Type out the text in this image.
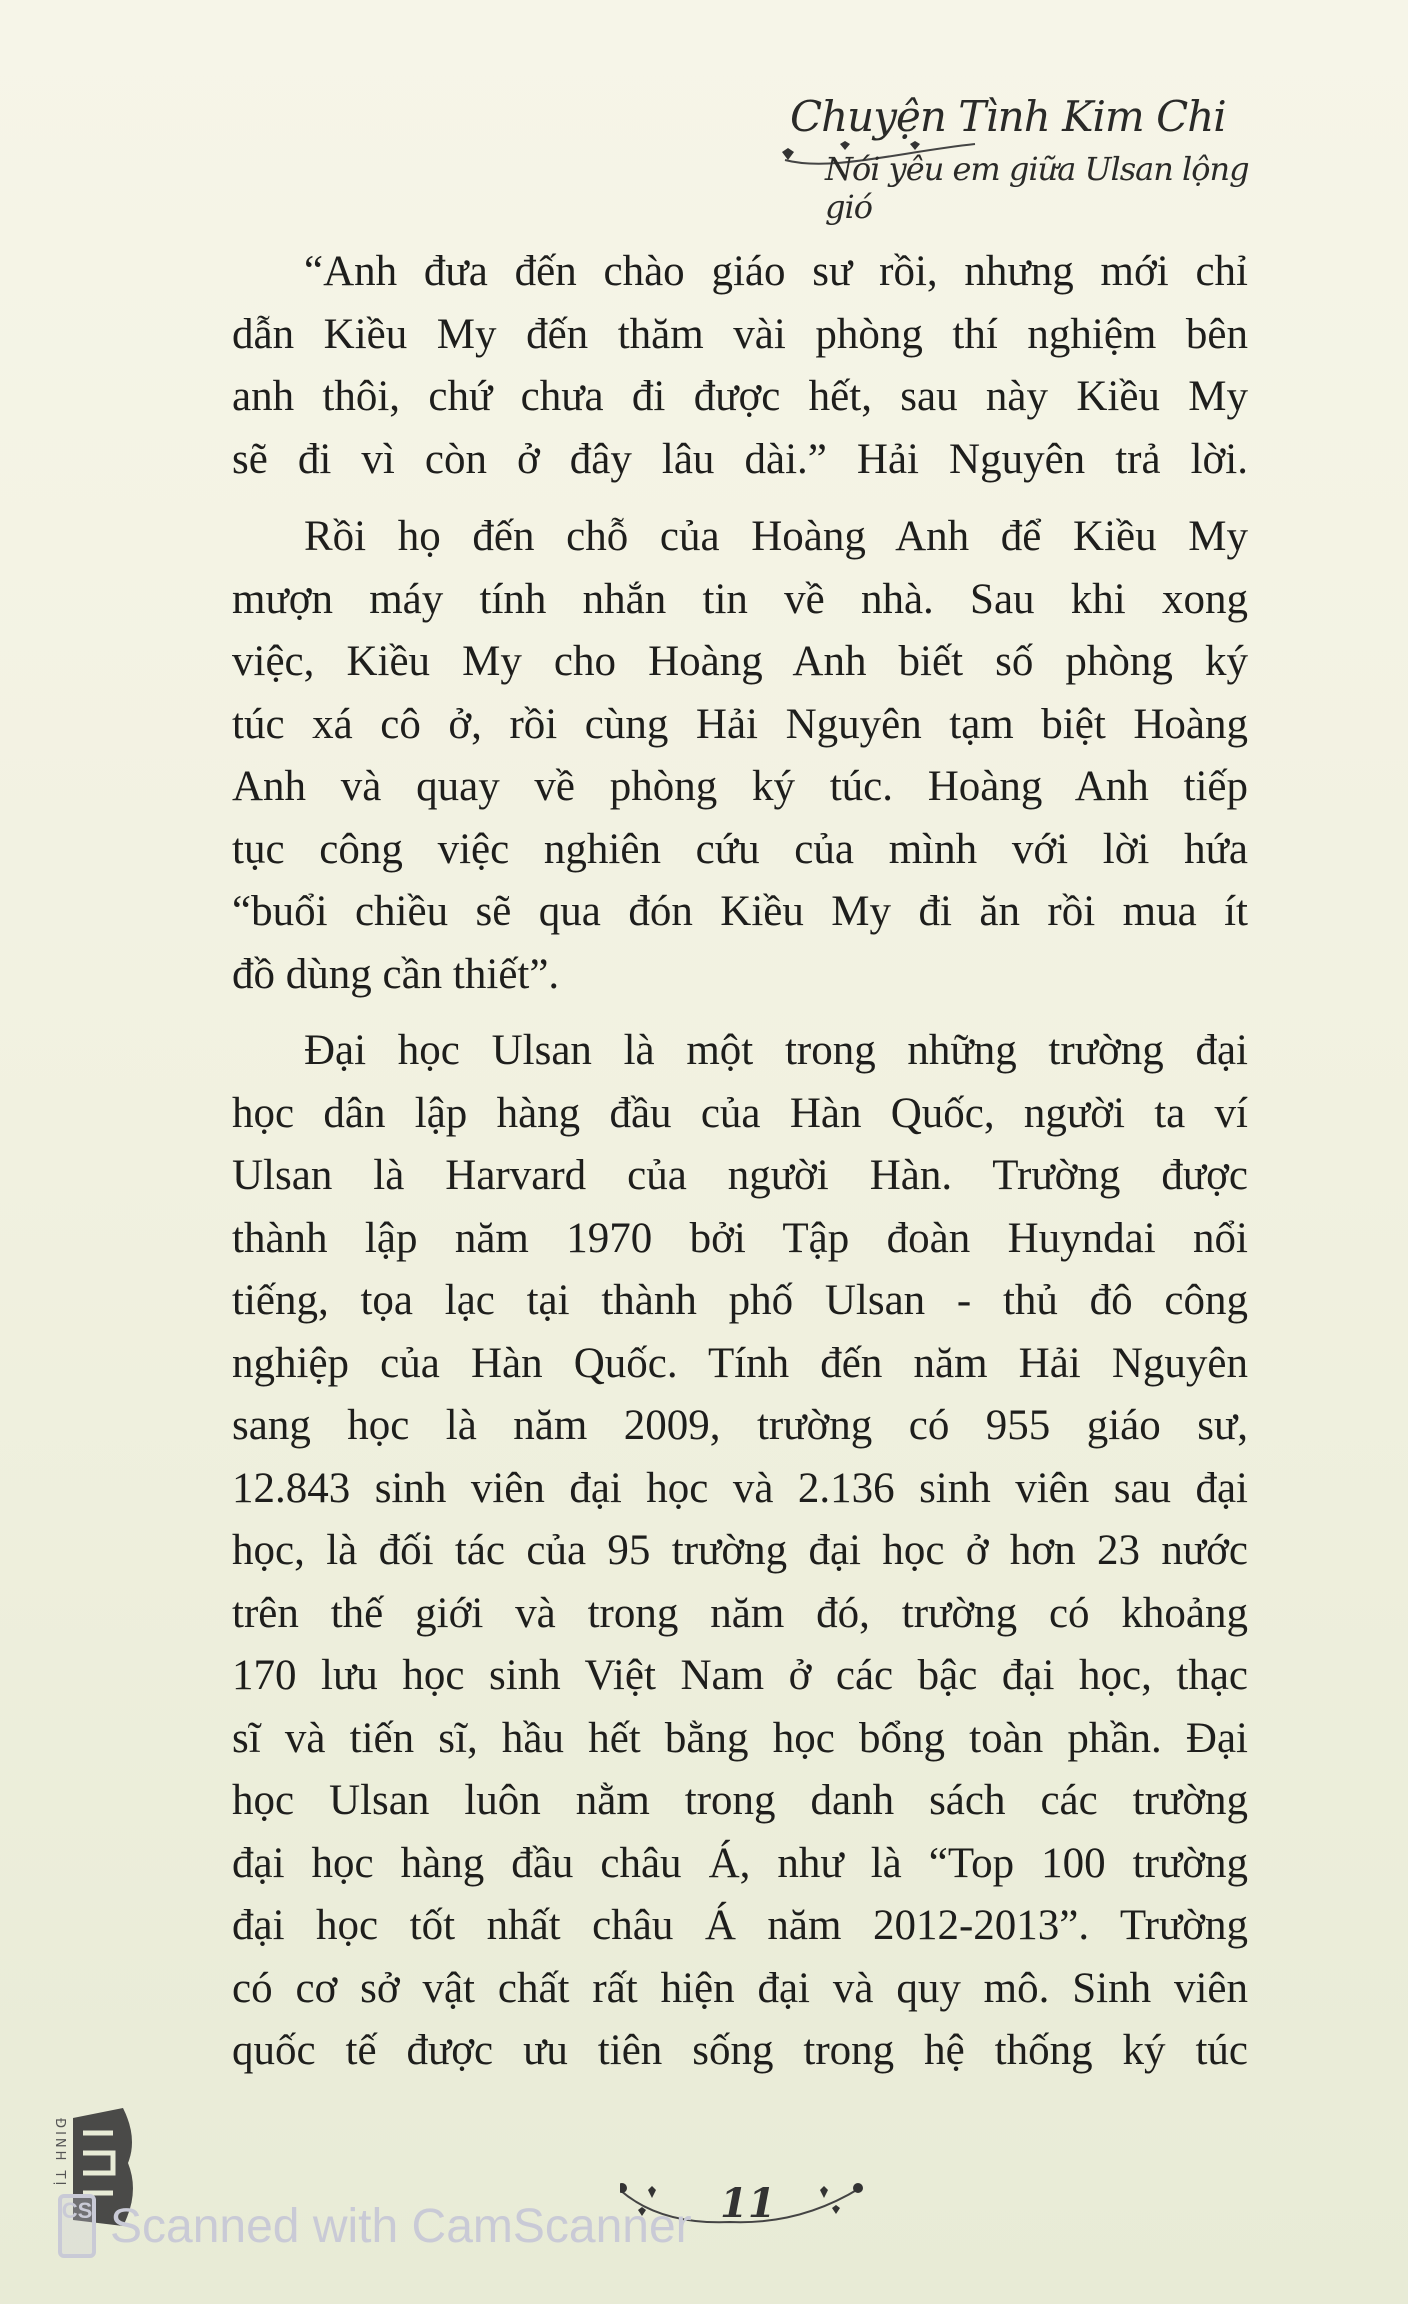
Chuyện Tình Kim Chi
Nói yêu em giữa Ulsan lộng gió
“Anh đưa đến chào giáo sư rồi, nhưng mới chỉ
dẫn Kiều My đến thăm vài phòng thí nghiệm bên
anh thôi, chứ chưa đi được hết, sau này Kiều My
sẽ đi vì còn ở đây lâu dài.” Hải Nguyên trả lời.
Rồi họ đến chỗ của Hoàng Anh để Kiều My
mượn máy tính nhắn tin về nhà. Sau khi xong
việc, Kiều My cho Hoàng Anh biết số phòng ký
túc xá cô ở, rồi cùng Hải Nguyên tạm biệt Hoàng
Anh và quay về phòng ký túc. Hoàng Anh tiếp
tục công việc nghiên cứu của mình với lời hứa
“buổi chiều sẽ qua đón Kiều My đi ăn rồi mua ít
đồ dùng cần thiết”.
Đại học Ulsan là một trong những trường đại
học dân lập hàng đầu của Hàn Quốc, người ta ví
Ulsan là Harvard của người Hàn. Trường được
thành lập năm 1970 bởi Tập đoàn Huyndai nổi
tiếng, tọa lạc tại thành phố Ulsan - thủ đô công
nghiệp của Hàn Quốc. Tính đến năm Hải Nguyên
sang học là năm 2009, trường có 955 giáo sư,
12.843 sinh viên đại học và 2.136 sinh viên sau đại
học, là đối tác của 95 trường đại học ở hơn 23 nước
trên thế giới và trong năm đó, trường có khoảng
170 lưu học sinh Việt Nam ở các bậc đại học, thạc
sĩ và tiến sĩ, hầu hết bằng học bổng toàn phần. Đại
học Ulsan luôn nằm trong danh sách các trường
đại học hàng đầu châu Á, như là “Top 100 trường
đại học tốt nhất châu Á năm 2012-2013”. Trường
có cơ sở vật chất rất hiện đại và quy mô. Sinh viên
quốc tế được ưu tiên sống trong hệ thống ký túc
ĐINH TỊ
11
CS Scanned with CamScanner
